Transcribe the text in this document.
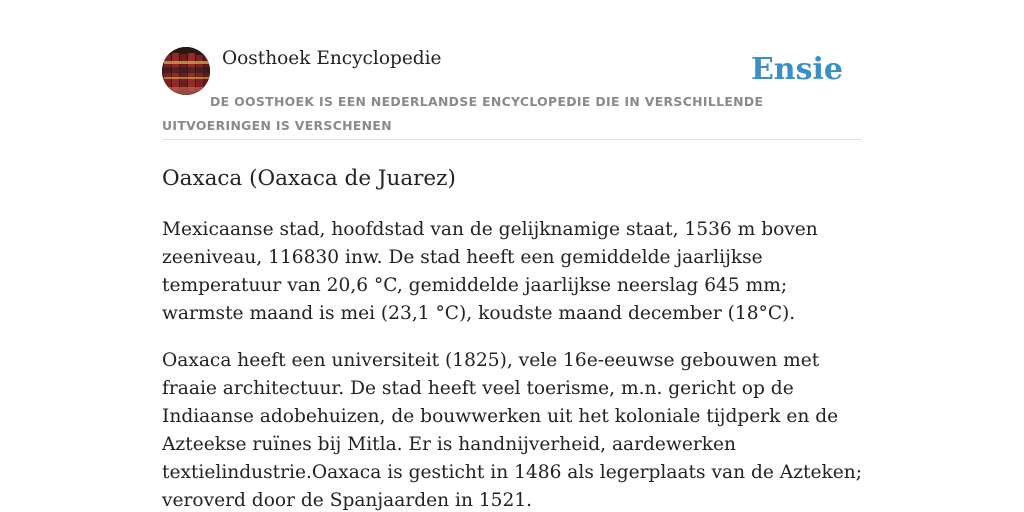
Oosthoek Encyclopedie	Ensie
DE OOSTHOEK IS EEN NEDERLANDSE ENCYCLOPEDIE DIE IN VERSCHILLENDE UITVOERINGEN IS VERSCHENEN
Oaxaca (Oaxaca de Juarez)

Mexicaanse stad, hoofdstad van de gelijknamige staat, 1536 m boven zeeniveau, 116830 inw. De stad heeft een gemiddelde jaarlijkse temperatuur van 20,6 °C, gemiddelde jaarlijkse neerslag 645 mm; warmste maand is mei (23,1 °C), koudste maand december (18°C).

Oaxaca heeft een universiteit (1825), vele 16e-eeuwse gebouwen met fraaie architectuur. De stad heeft veel toerisme, m.n. gericht op de Indiaanse adobehuizen, de bouwwerken uit het koloniale tijdperk en de Azteekse ruïnes bij Mitla. Er is handnijverheid, aardewerken textielindustrie.Oaxaca is gesticht in 1486 als legerplaats van de Azteken; veroverd door de Spanjaarden in 1521.
